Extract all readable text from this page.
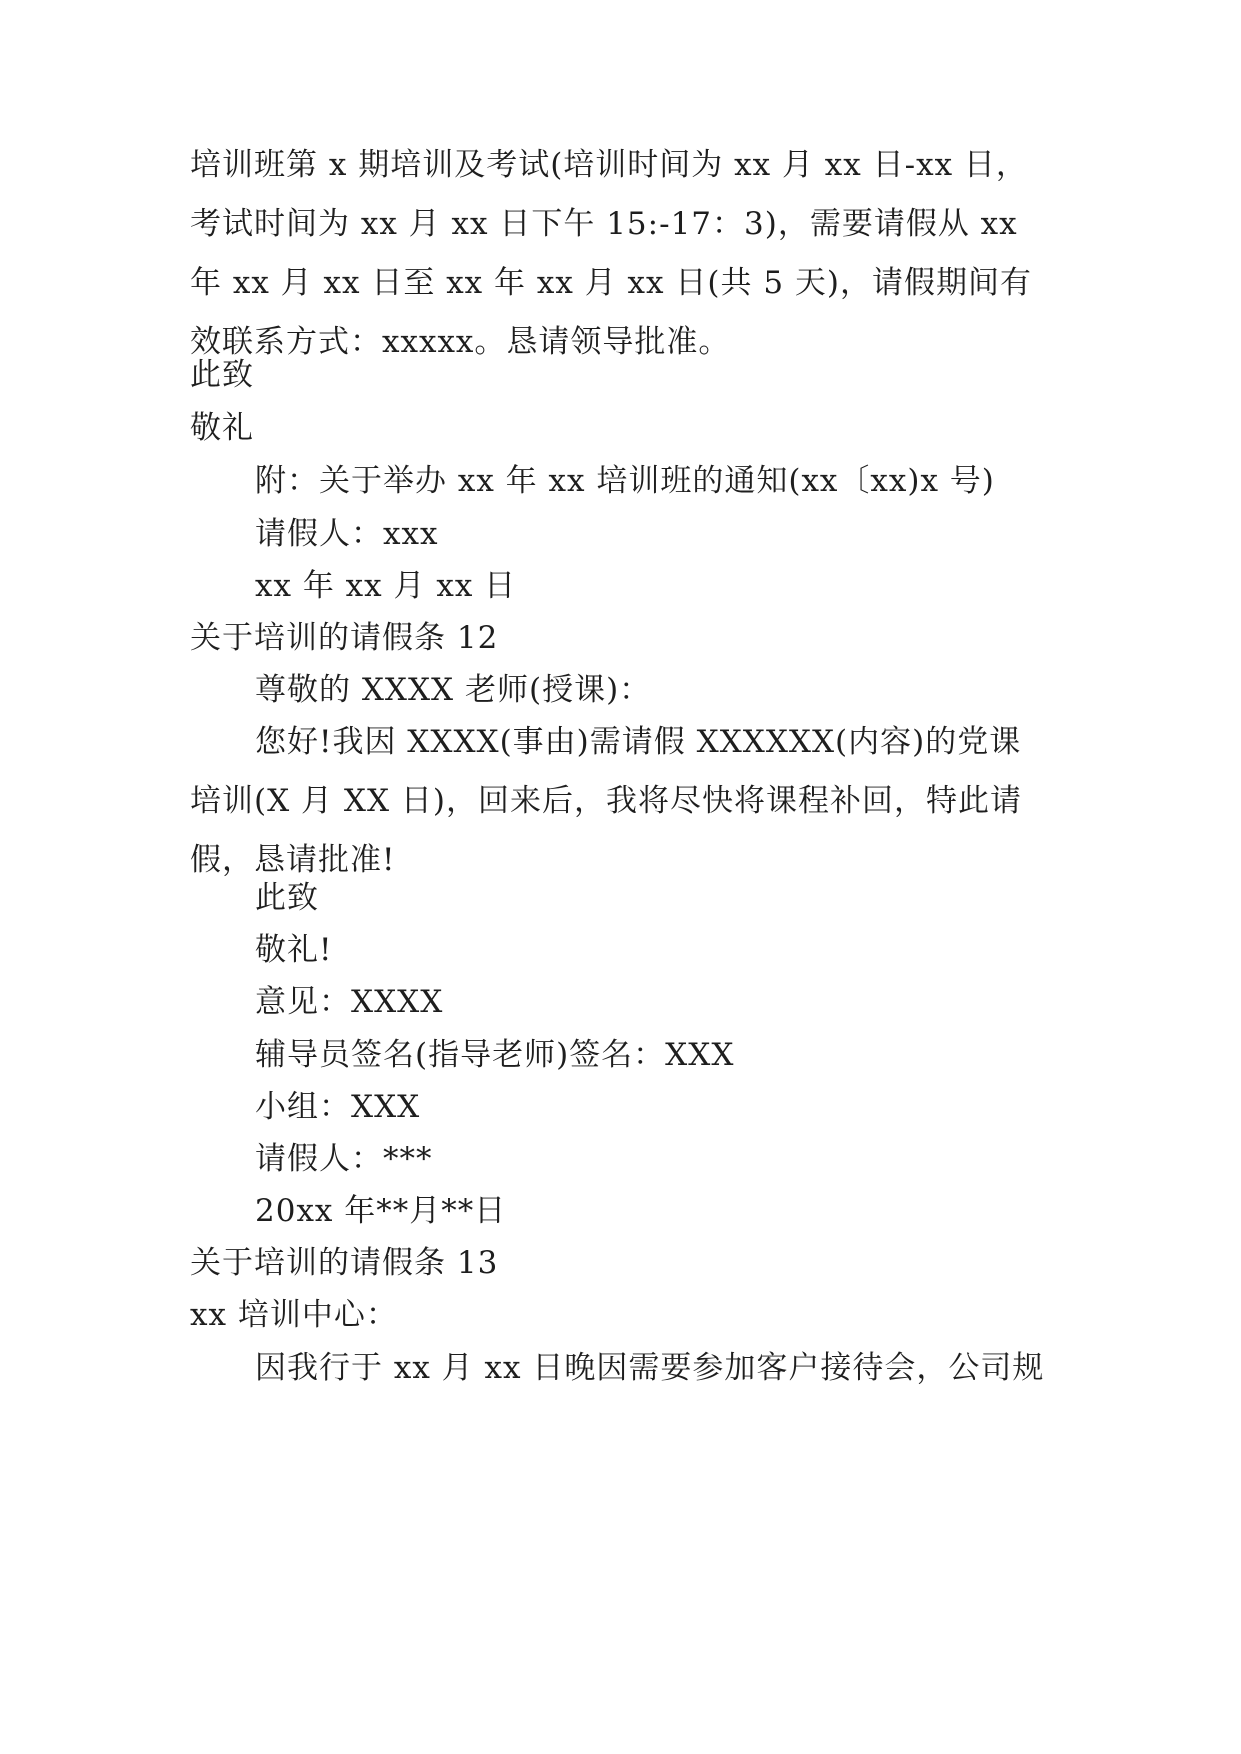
培训班第 x 期培训及考试(培训时间为 xx 月 xx 日-xx 日，考试时间为 xx 月 xx 日下午 15:-17：3)，需要请假从 xx 年 xx 月 xx 日至 xx 年 xx 月 xx 日(共 5 天)，请假期间有效联系方式：xxxxx。恳请领导批准。

此致

敬礼

附：关于举办 xx 年 xx 培训班的通知(xx〔xx)x 号)

请假人：xxx

xx 年 xx 月 xx 日

关于培训的请假条 12

尊敬的 XXXX 老师(授课)：

您好!我因 XXXX(事由)需请假 XXXXXX(内容)的党课培训(X 月 XX 日)，回来后，我将尽快将课程补回，特此请假，恳请批准!

此致

敬礼!

意见：XXXX

辅导员签名(指导老师)签名：XXX

小组：XXX

请假人：***

20xx 年**月**日

关于培训的请假条 13

xx 培训中心：

因我行于 xx 月 xx 日晚因需要参加客户接待会，公司规
